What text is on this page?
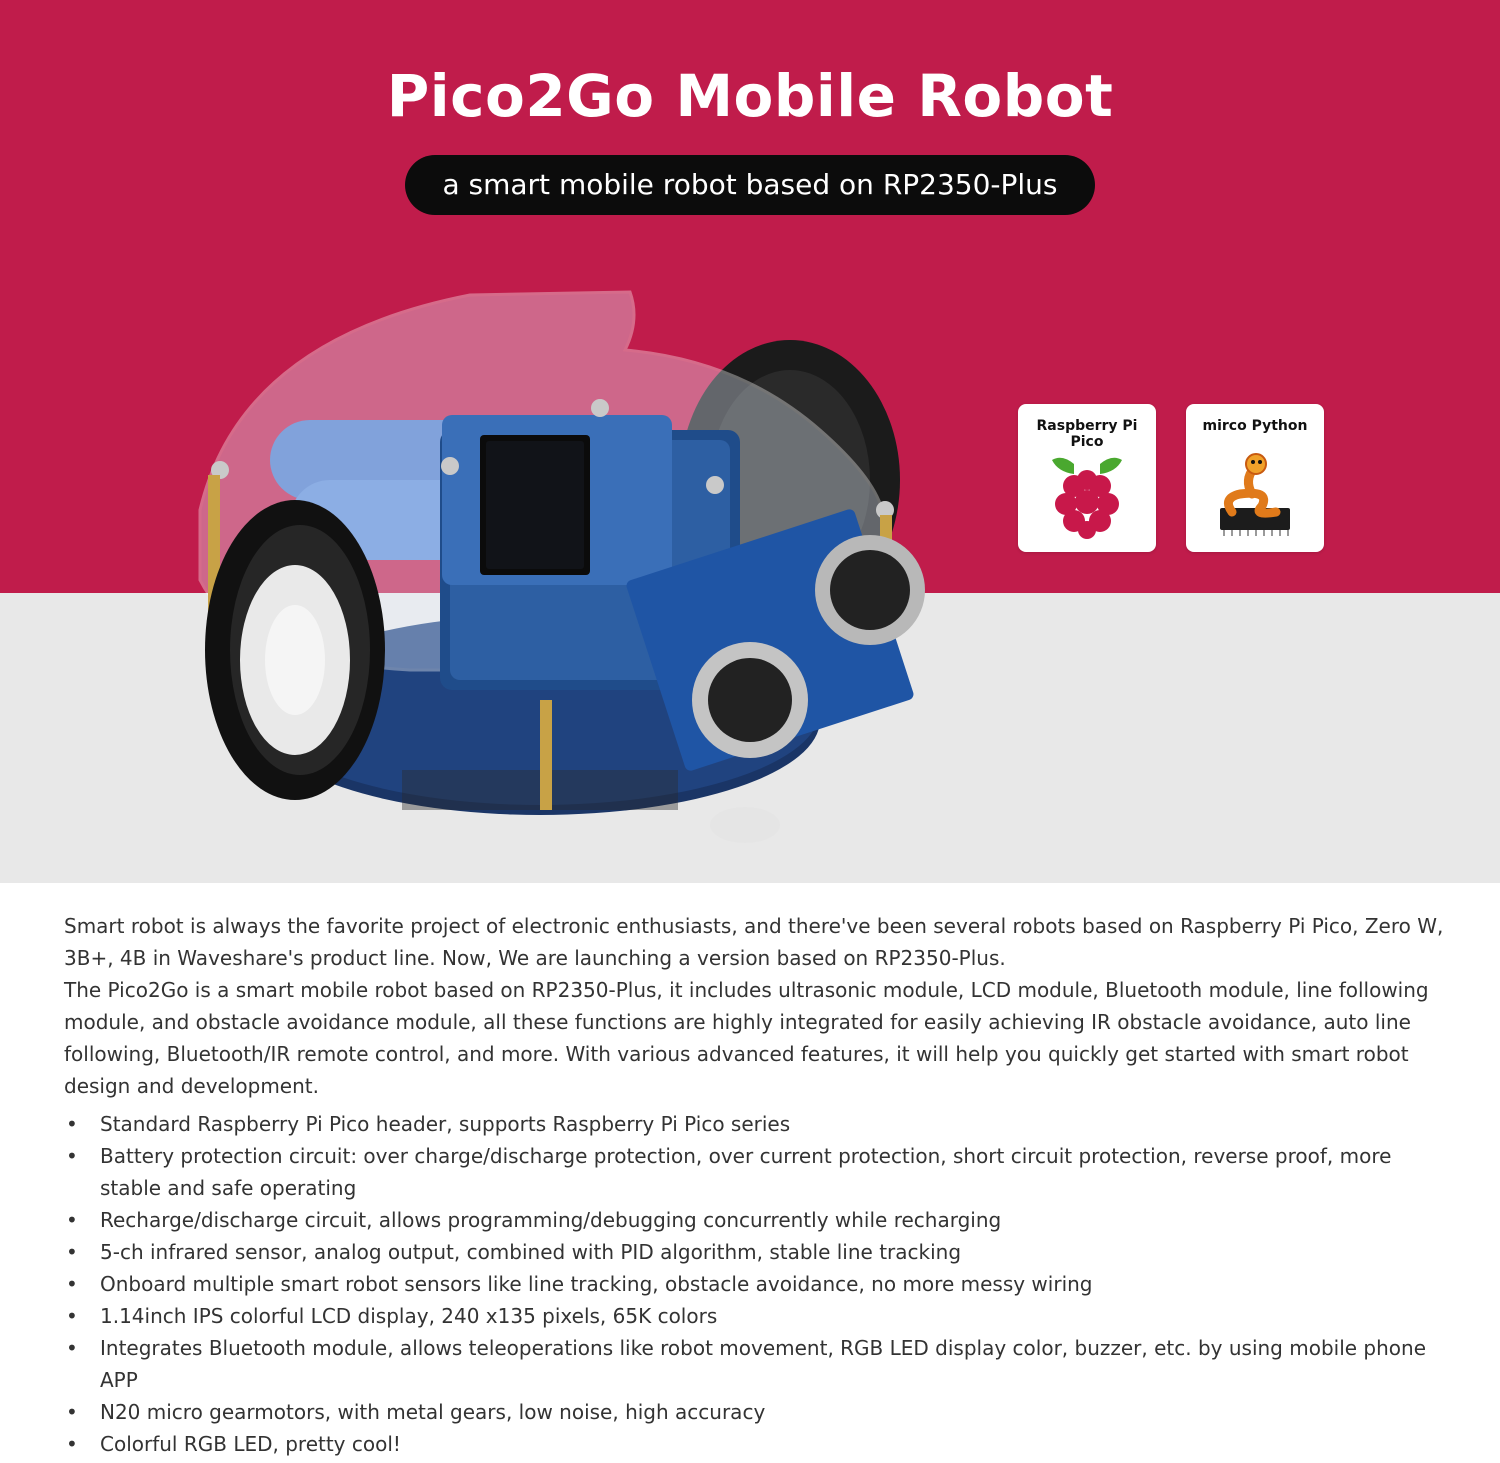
Pico2Go Mobile Robot
a smart mobile robot based on RP2350-Plus
Raspberry Pi Pico
mirco Python

Smart robot is always the favorite project of electronic enthusiasts, and there've been several robots based on Raspberry Pi Pico, Zero W, 3B+, 4B in Waveshare's product line. Now, We are launching a version based on RP2350-Plus.

The Pico2Go is a smart mobile robot based on RP2350-Plus, it includes ultrasonic module, LCD module, Bluetooth module, line following module, and obstacle avoidance module, all these functions are highly integrated for easily achieving IR obstacle avoidance, auto line following, Bluetooth/IR remote control, and more. With various advanced features, it will help you quickly get started with smart robot design and development.

• Standard Raspberry Pi Pico header, supports Raspberry Pi Pico series
• Battery protection circuit: over charge/discharge protection, over current protection, short circuit protection, reverse proof, more stable and safe operating
• Recharge/discharge circuit, allows programming/debugging concurrently while recharging
• 5-ch infrared sensor, analog output, combined with PID algorithm, stable line tracking
• Onboard multiple smart robot sensors like line tracking, obstacle avoidance, no more messy wiring
• 1.14inch IPS colorful LCD display, 240 x135 pixels, 65K colors
• Integrates Bluetooth module, allows teleoperations like robot movement, RGB LED display color, buzzer, etc. by using mobile phone APP
• N20 micro gearmotors, with metal gears, low noise, high accuracy
• Colorful RGB LED, pretty cool!
